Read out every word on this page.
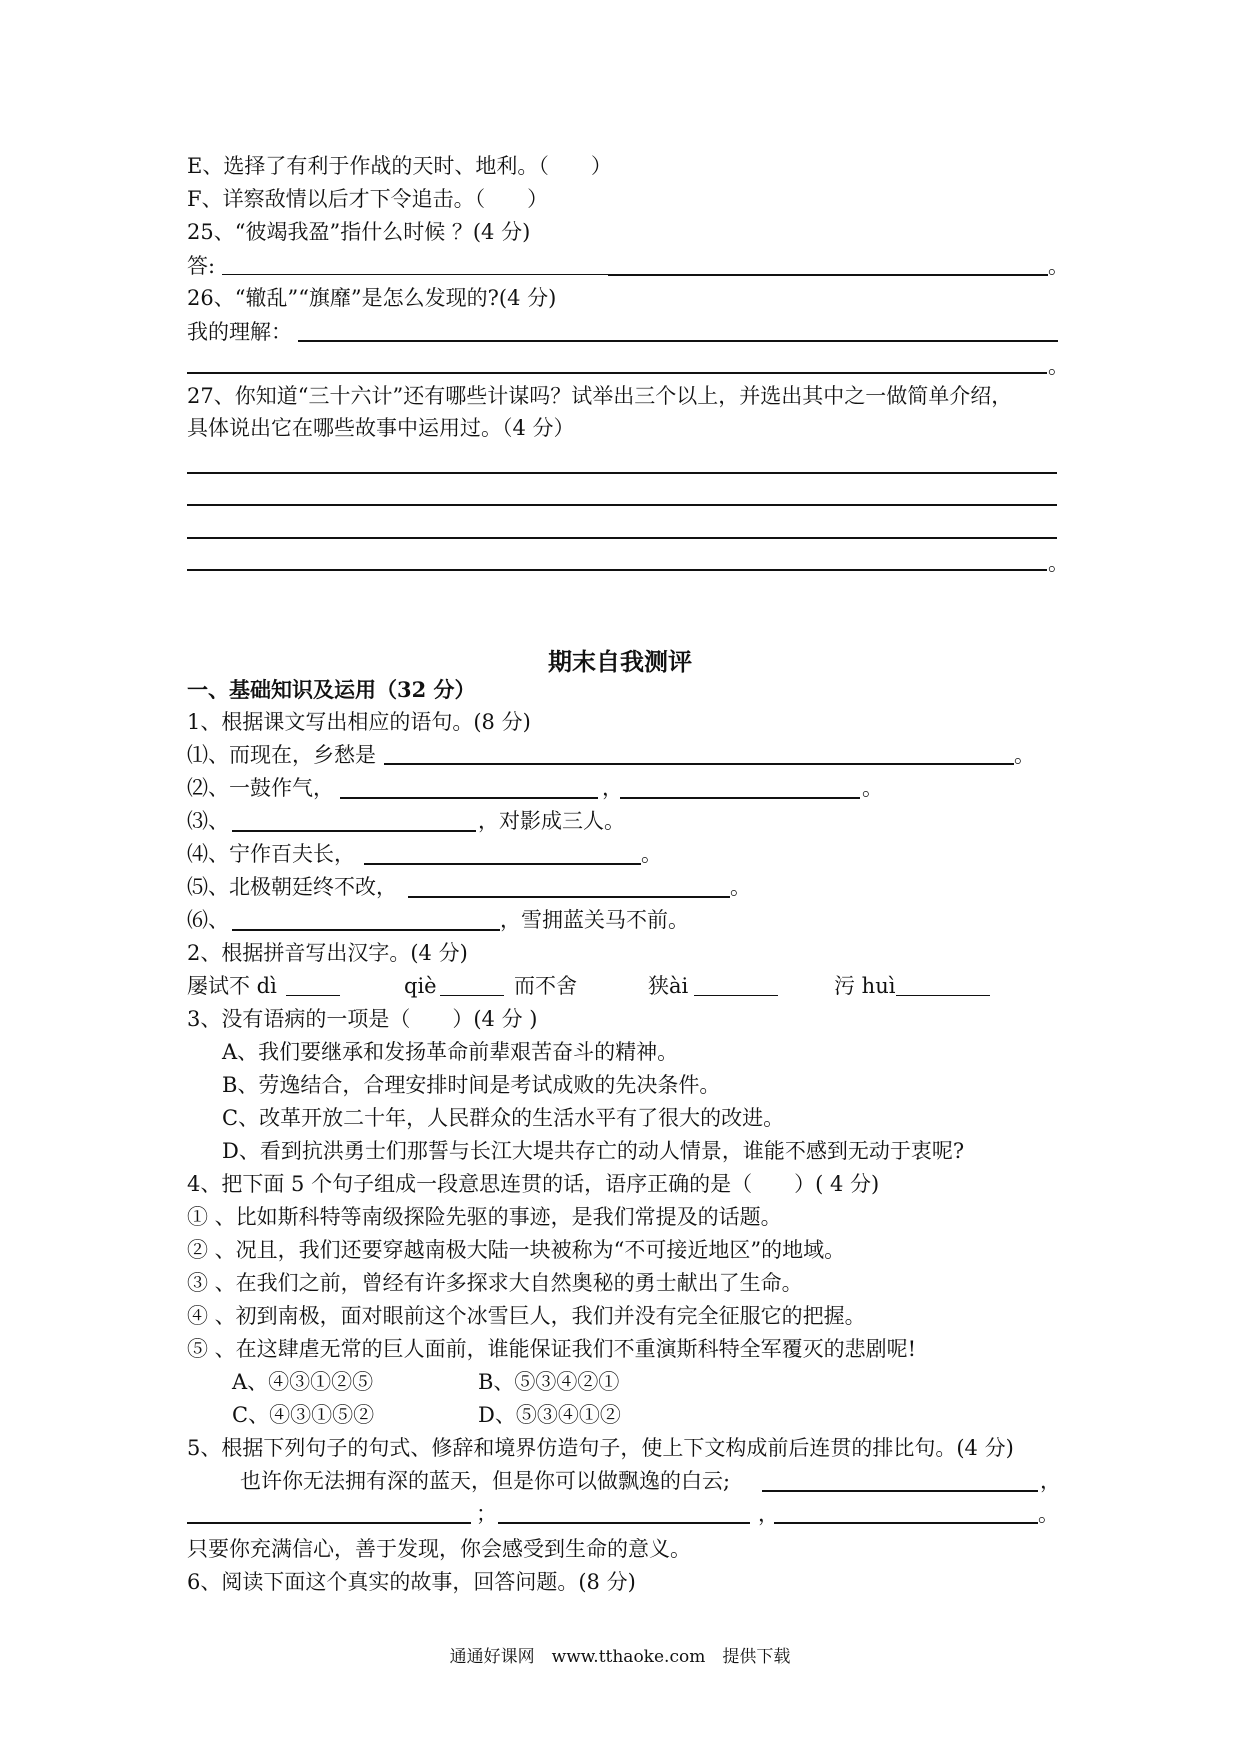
E、选择了有利于作战的天时、地利。（　　）
F、详察敌情以后才下令追击。（　　）
25、“彼竭我盈”指什么时候 ？(4 分)
答:	。
26、“辙乱”“旗靡”是怎么发现的?(4 分)
我的理解：
。
27、你知道“三十六计”还有哪些计谋吗？试举出三个以上，并选出其中之一做简单介绍，
具体说出它在哪些故事中运用过。（4 分）
。
期末自我测评
一、基础知识及运用（32 分）
1、根据课文写出相应的语句。(8 分)
⑴、而现在，乡愁是	。
⑵、一鼓作气，	，	。
⑶、	，对影成三人。
⑷、宁作百夫长，	。
⑸、北极朝廷终不改，	。
⑹、	，雪拥蓝关马不前。
2、根据拼音写出汉字。(4 分)
屡试不 dì	qiè	而不舍	狭ài	污 huì
3、没有语病的一项是（　　）(4 分 )
A、我们要继承和发扬革命前辈艰苦奋斗的精神。
B、劳逸结合，合理安排时间是考试成败的先决条件。
C、改革开放二十年，人民群众的生活水平有了很大的改进。
D、看到抗洪勇士们那誓与长江大堤共存亡的动人情景，谁能不感到无动于衷呢?
4、把下面 5 个句子组成一段意思连贯的话，语序正确的是（　　）( 4 分)
① 、比如斯科特等南级探险先驱的事迹，是我们常提及的话题。
② 、况且，我们还要穿越南极大陆一块被称为“不可接近地区”的地域。
③ 、在我们之前，曾经有许多探求大自然奥秘的勇士献出了生命。
④ 、初到南极，面对眼前这个冰雪巨人，我们并没有完全征服它的把握。
⑤ 、在这肆虐无常的巨人面前，谁能保证我们不重演斯科特全军覆灭的悲剧呢!
A、④③①②⑤	B、⑤③④②①
C、④③①⑤②	D、⑤③④①②
5、根据下列句子的句式、修辞和境界仿造句子，使上下文构成前后连贯的排比句。(4 分)
也许你无法拥有深的蓝天，但是你可以做飘逸的白云;	，
；	，	。
只要你充满信心，善于发现，你会感受到生命的意义。
6、阅读下面这个真实的故事，回答问题。(8 分)
通通好课网　www.tthaoke.com　提供下载
